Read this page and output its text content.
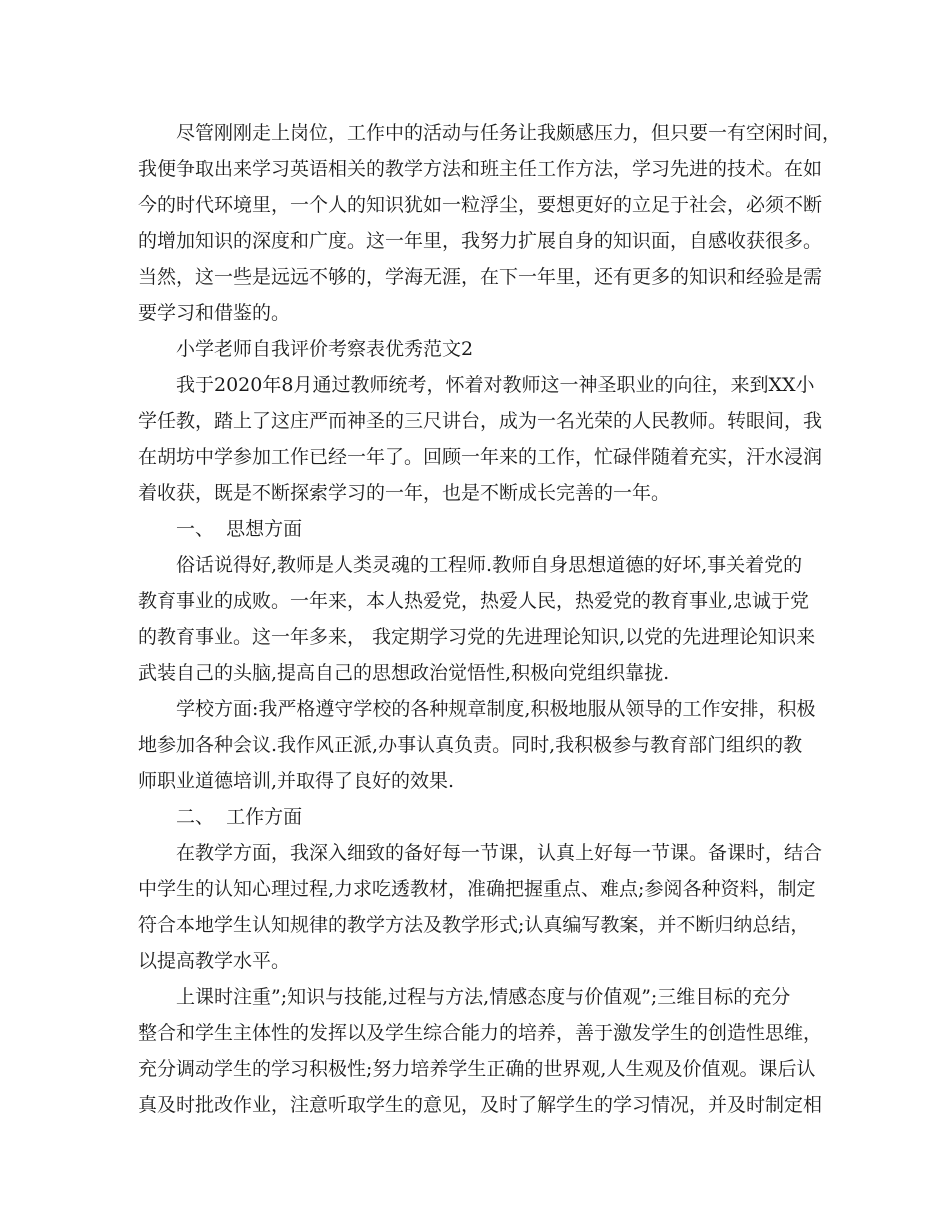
尽管刚刚走上岗位，工作中的活动与任务让我颇感压力，但只要一有空闲时间，
我便争取出来学习英语相关的教学方法和班主任工作方法，学习先进的技术。在如
今的时代环境里，一个人的知识犹如一粒浮尘，要想更好的立足于社会，必须不断
的增加知识的深度和广度。这一年里，我努力扩展自身的知识面，自感收获很多。
当然，这一些是远远不够的，学海无涯，在下一年里，还有更多的知识和经验是需
要学习和借鉴的。
小学老师自我评价考察表优秀范文2
我于2020年8月通过教师统考，怀着对教师这一神圣职业的向往，来到XX小
学任教，踏上了这庄严而神圣的三尺讲台，成为一名光荣的人民教师。转眼间，我
在胡坊中学参加工作已经一年了。回顾一年来的工作，忙碌伴随着充实，汗水浸润
着收获，既是不断探索学习的一年，也是不断成长完善的一年。
一、  思想方面
俗话说得好,教师是人类灵魂的工程师.教师自身思想道德的好坏,事关着党的
教育事业的成败。一年来，本人热爱党，热爱人民，热爱党的教育事业,忠诚于党
的教育事业。这一年多来， 我定期学习党的先进理论知识,以党的先进理论知识来
武装自己的头脑,提高自己的思想政治觉悟性,积极向党组织靠拢.
学校方面:我严格遵守学校的各种规章制度,积极地服从领导的工作安排，积极
地参加各种会议.我作风正派,办事认真负责。同时,我积极参与教育部门组织的教
师职业道德培训,并取得了良好的效果.
二、  工作方面
在教学方面，我深入细致的备好每一节课，认真上好每一节课。备课时，结合
中学生的认知心理过程,力求吃透教材，准确把握重点、难点;参阅各种资料，制定
符合本地学生认知规律的教学方法及教学形式;认真编写教案，并不断归纳总结，
以提高教学水平。
上课时注重”;知识与技能,过程与方法,情感态度与价值观”;三维目标的充分
整合和学生主体性的发挥以及学生综合能力的培养，善于激发学生的创造性思维，
充分调动学生的学习积极性;努力培养学生正确的世界观,人生观及价值观。课后认
真及时批改作业，注意听取学生的意见，及时了解学生的学习情况，并及时制定相
